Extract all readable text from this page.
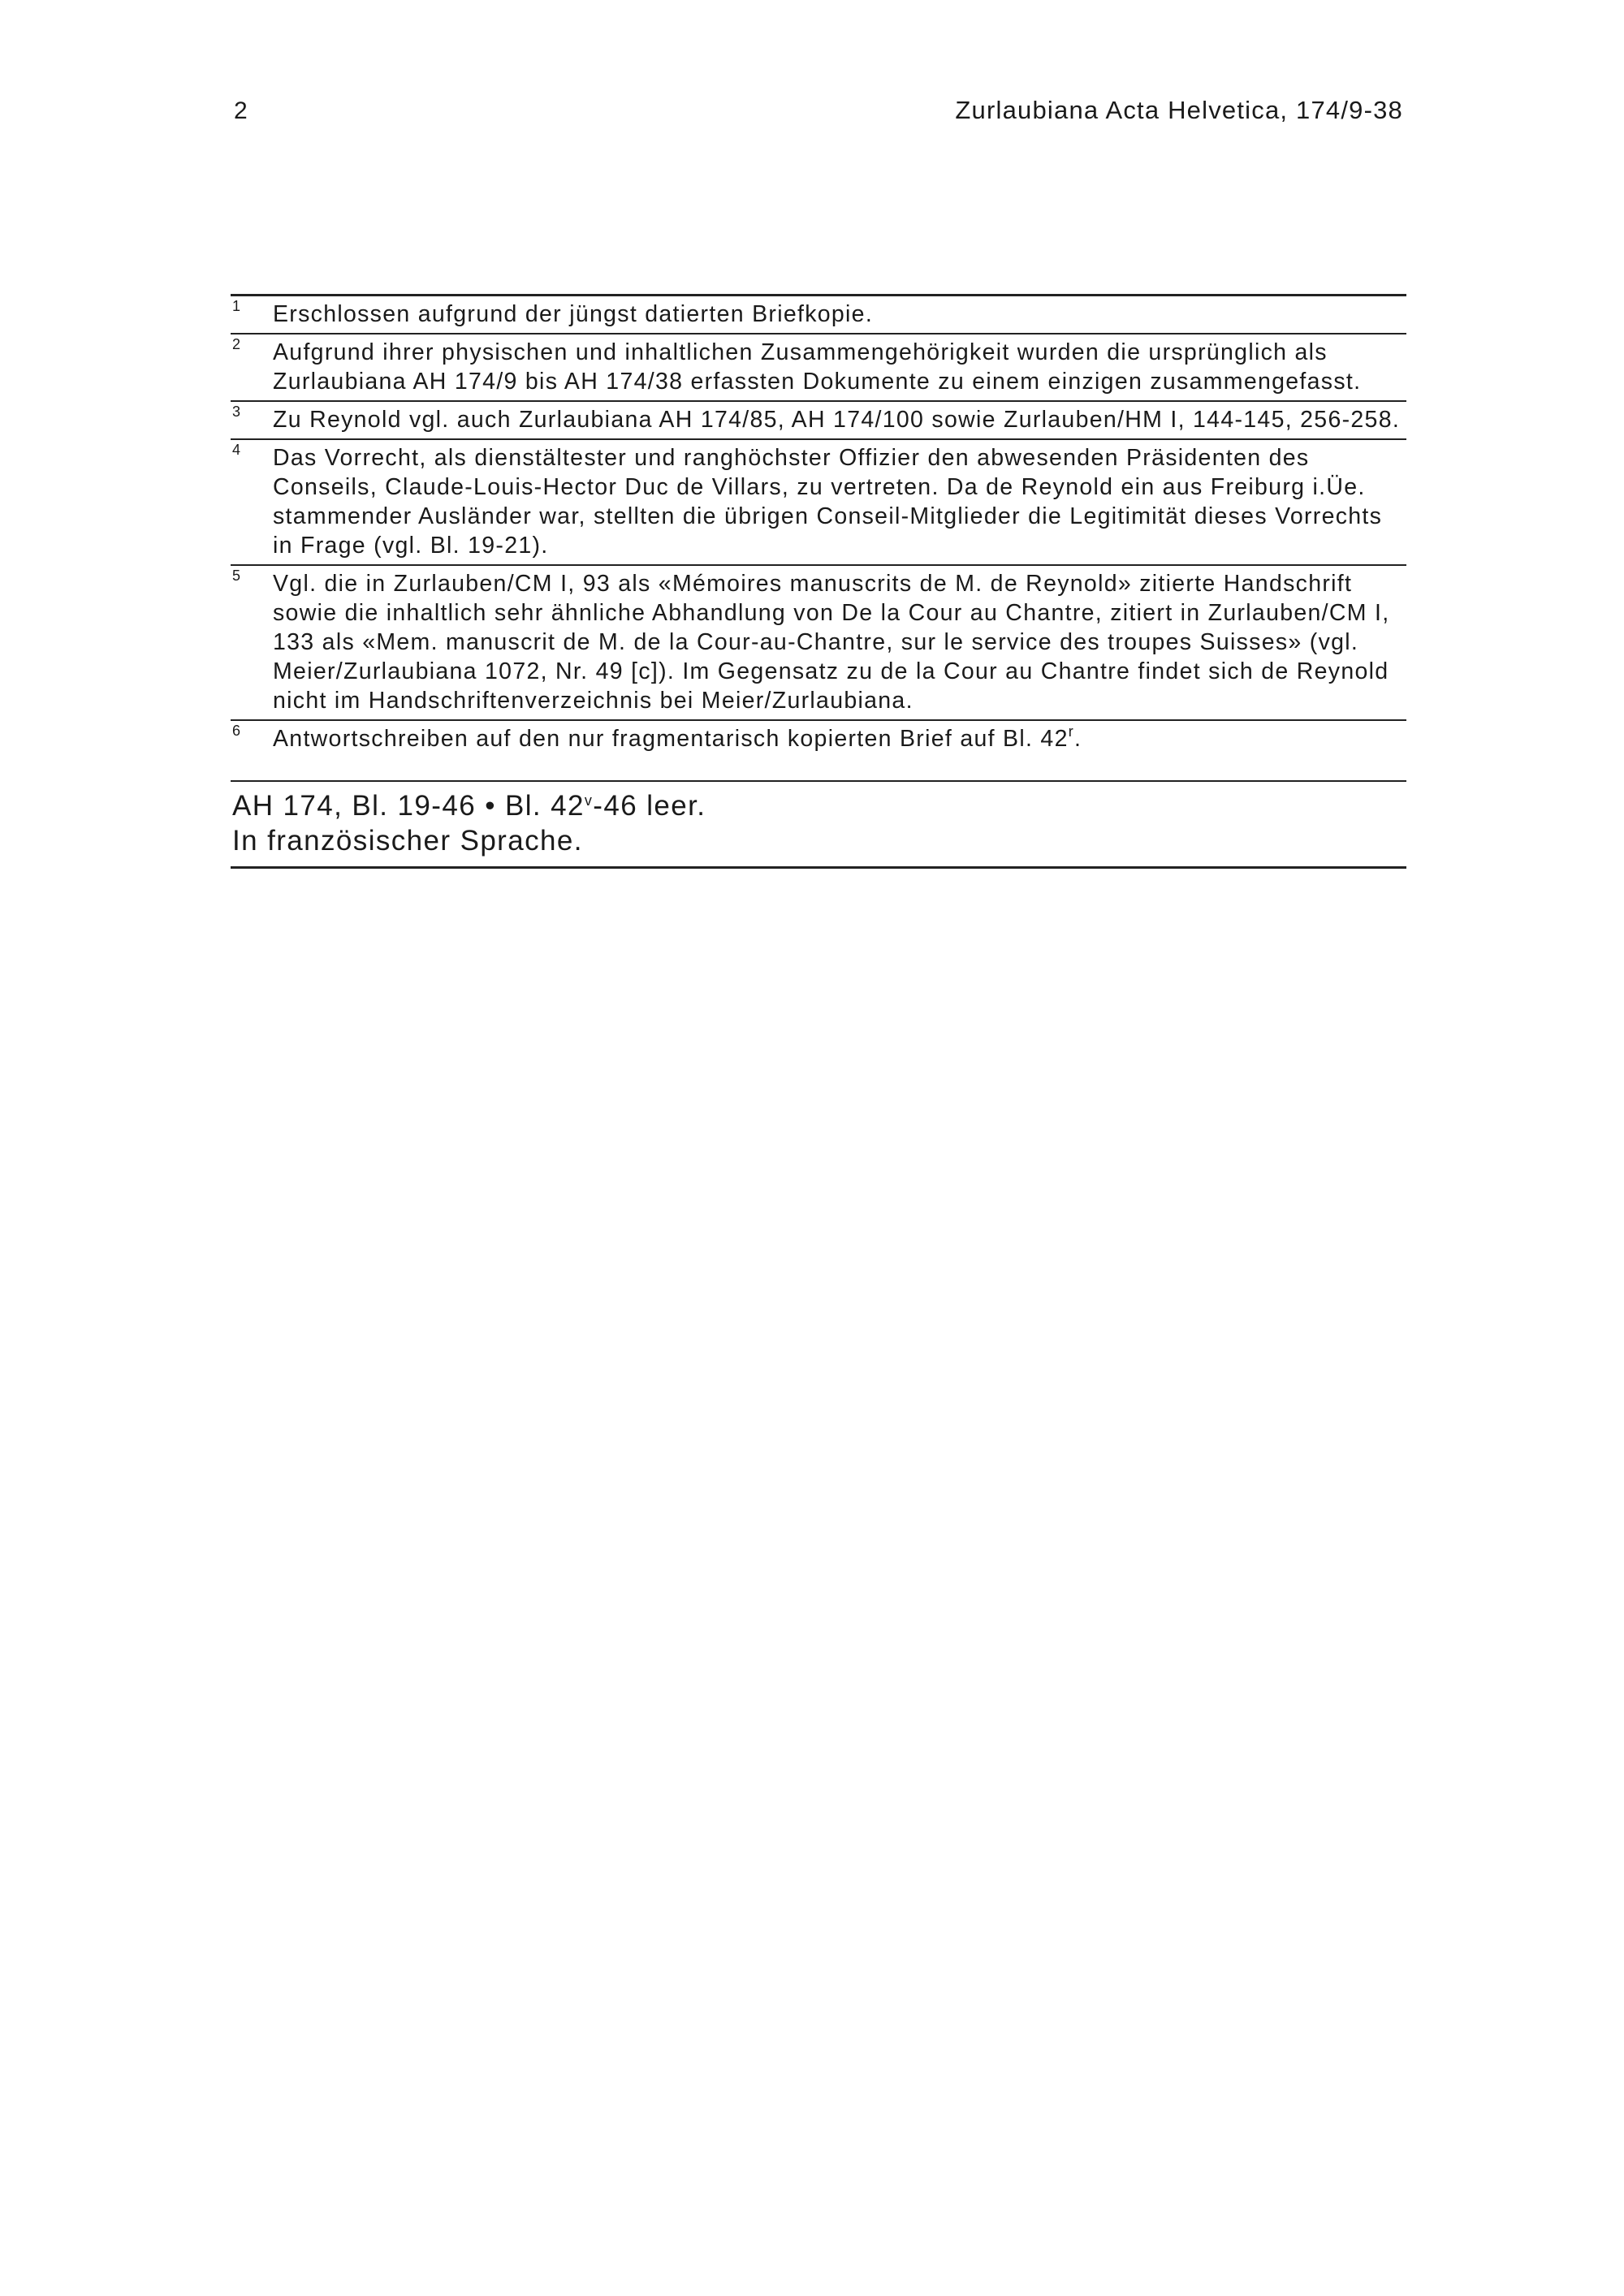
2	Zurlaubiana Acta Helvetica, 174/9-38
1 Erschlossen aufgrund der jüngst datierten Briefkopie.
2 Aufgrund ihrer physischen und inhaltlichen Zusammengehörigkeit wurden die ursprünglich als Zurlaubiana AH 174/9 bis AH 174/38 erfassten Dokumente zu einem einzigen zusammengefasst.
3 Zu Reynold vgl. auch Zurlaubiana AH 174/85, AH 174/100 sowie Zurlauben/HM I, 144-145, 256-258.
4 Das Vorrecht, als dienstältester und ranghöchster Offizier den abwesenden Präsidenten des Conseils, Claude-Louis-Hector Duc de Villars, zu vertreten. Da de Reynold ein aus Freiburg i.Üe. stammender Ausländer war, stellten die übrigen Conseil-Mitglieder die Legitimität dieses Vorrechts in Frage (vgl. Bl. 19-21).
5 Vgl. die in Zurlauben/CM I, 93 als «Mémoires manuscrits de M. de Reynold» zitierte Handschrift sowie die inhaltlich sehr ähnliche Abhandlung von De la Cour au Chantre, zitiert in Zurlauben/CM I, 133 als «Mem. manuscrit de M. de la Cour-au-Chantre, sur le service des troupes Suisses» (vgl. Meier/Zurlaubiana 1072, Nr. 49 [c]). Im Gegensatz zu de la Cour au Chantre findet sich de Reynold nicht im Handschriftenverzeichnis bei Meier/Zurlaubiana.
6 Antwortschreiben auf den nur fragmentarisch kopierten Brief auf Bl. 42$^r$.
AH 174, Bl. 19-46 • Bl. 42$^v$-46 leer.
In französischer Sprache.
